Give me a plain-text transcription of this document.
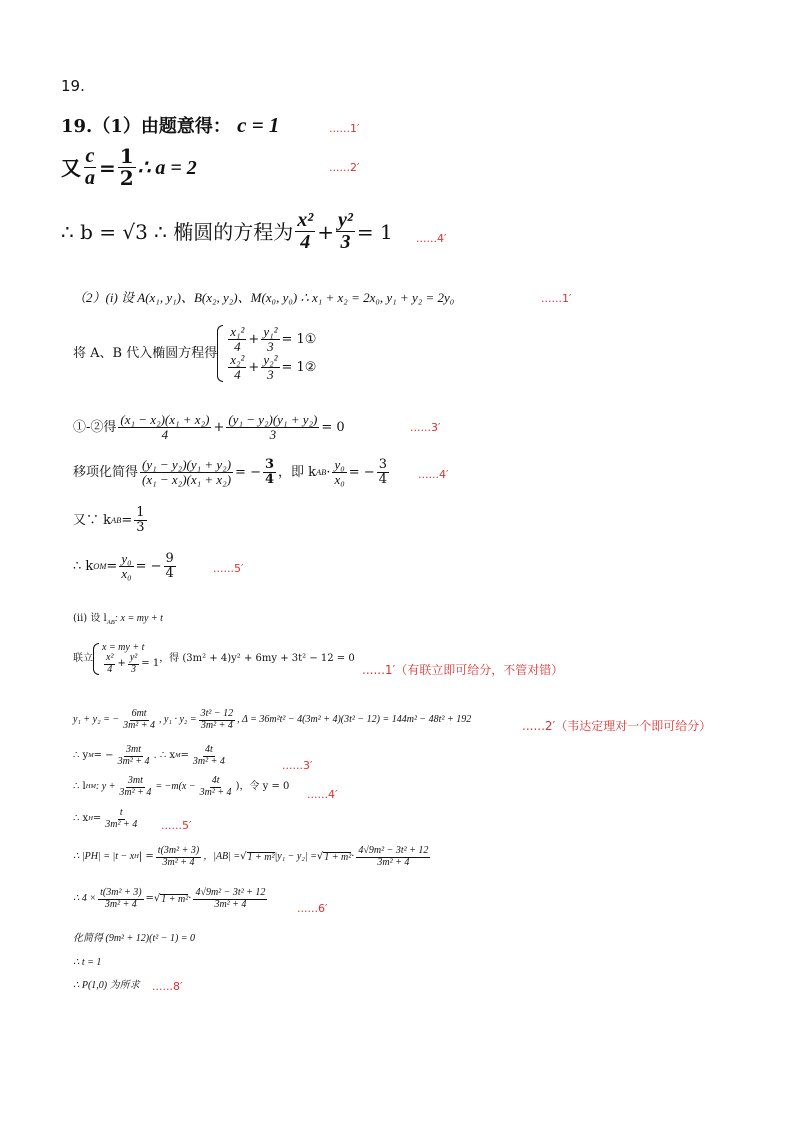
19.
19.（1）由题意得： c = 1	......1′
又 $\frac{c}{a} = \frac{1}{2}$ ∴ a = 2	......2′
∴ b = √3 ∴ 椭圆的方程为 $\frac{\text{x²}}{4} + \frac{\text{y²}}{3} = 1$ ......4′
（2）(i) 设 A(x₁, y₁)、B(x₂, y₂)、M(x₀, y₀) ∴ x₁ + x₂ = 2x₀, y₁ + y₂ = 2y₀	......1′
将 A、B 代入椭圆方程得 $\frac{\text{x₁²}}{4} + \frac{\text{y₁²}}{3}$ = 1①
$\frac{\text{x₂²}}{4} + \frac{\text{y₂²}}{3}$ = 1②
①-②得 $\frac{\text{(x₁ − x₂)(x₁ + x₂)}}{4} + \frac{\text{(y₁ − y₂)(y₁ + y₂)}}{3} = 0$	......3′
移项化简得 $\frac{\text{(y₁ − y₂)(y₁ + y₂)}}{\text{(x₁ − x₂)(x₁ + x₂)}}$ = − $\frac{3}{4}$ ，即 k AB · $\frac{\text{y₀}}{\text{x₀}}$ = − $\frac{3}{4}$	......4′
又∵ k AB = $\frac{1}{3}$
∴ k OM = $\frac{\text{y₀}}{\text{x₀}}$ = − $\frac{9}{4}$	......5′
(ii) 设 $l_{AB}$: x = my + t
联立
x = my + t
$\frac{\text{x²}}{4} + \frac{\text{y²}}{3} = 1$ ，得 (3m² + 4)y² + 6my + 3t² − 12 = 0
......1′（有联立即可给分，不管对错）
y₁ + y₂ = − $\frac{6mt}{\text{3m² + 4}}$ , $y_1 \cdot y_2 = \frac{\text{3t² − 12}}{\text{3m² + 4}}$ , Δ = 36m²t² − 4(3m² + 4)(3t² − 12) = 144m² − 48t² + 192	......2′（韦达定理对一个即可给分）
∴ y M = − $\frac{3mt}{\text{3m² + 4}}$ . ∴ x $M = \frac{4t}{\text{3m² + 4}}$	......3′
∴ l HM : $y + \frac{3mt}{\text{3m² + 4}} = -m(x - \frac{4t}{\text{3m² + 4}}$ )，令 y = 0
......4′
∴ x $H = \frac{t}{\text{3m² + 4}} ......5'$
∴ |PH| = |t − x H | = $\frac{\text{t(3m² + 3)}}{\text{3m² + 4}}$ ，|AB| = √ 1 + m² |y₁ − y₂| = √ $1 + m^2 \cdot \frac{\text{4√9m² − 3t² + 12}}{\text{3m² + 4}}$
∴ $4 \times \frac{\text{t(3m² + 3)}}{\text{3m² + 4}}$ = √ $1 + m^2 \cdot \frac{\text{4√9m² − 3t² + 12}}{\text{3m² + 4}}$	......6′
化简得 (9m² + 12)(t² − 1) = 0
∴ t = 1
∴ P(1,0) 为所求 ......8′
